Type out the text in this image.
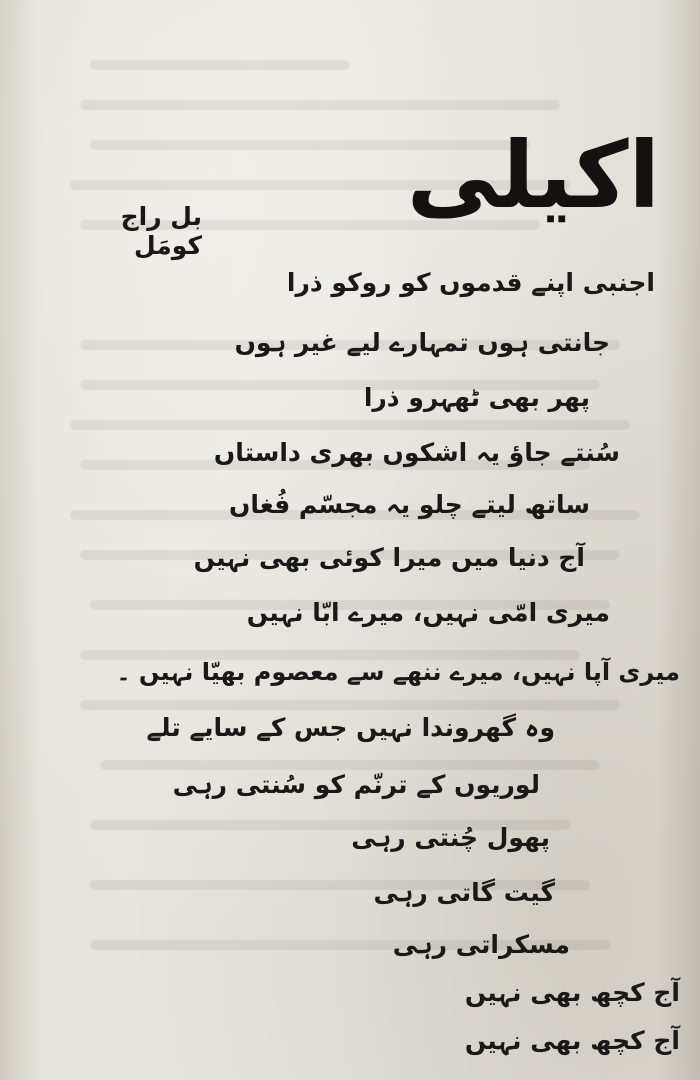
اکیلی
بل راج کومَل
اجنبی اپنے قدموں کو روکو ذرا
جانتی ہوں تمہارے لیے غیر ہوں
پھر بھی ٹھہرو ذرا
سُنتے جاؤ یہ اشکوں بھری داستاں
ساتھ لیتے چلو یہ مجسّم فُغاں
آج دنیا میں میرا کوئی بھی نہیں
میری امّی نہیں، میرے ابّا نہیں
میری آپا نہیں، میرے ننھے سے معصوم بھیّا نہیں ۔
وہ گھروندا نہیں جس کے سایے تلے
لوریوں کے ترنّم کو سُنتی رہی
پھول چُنتی رہی
گیت گاتی رہی
مسکراتی رہی
آج کچھ بھی نہیں
آج کچھ بھی نہیں
